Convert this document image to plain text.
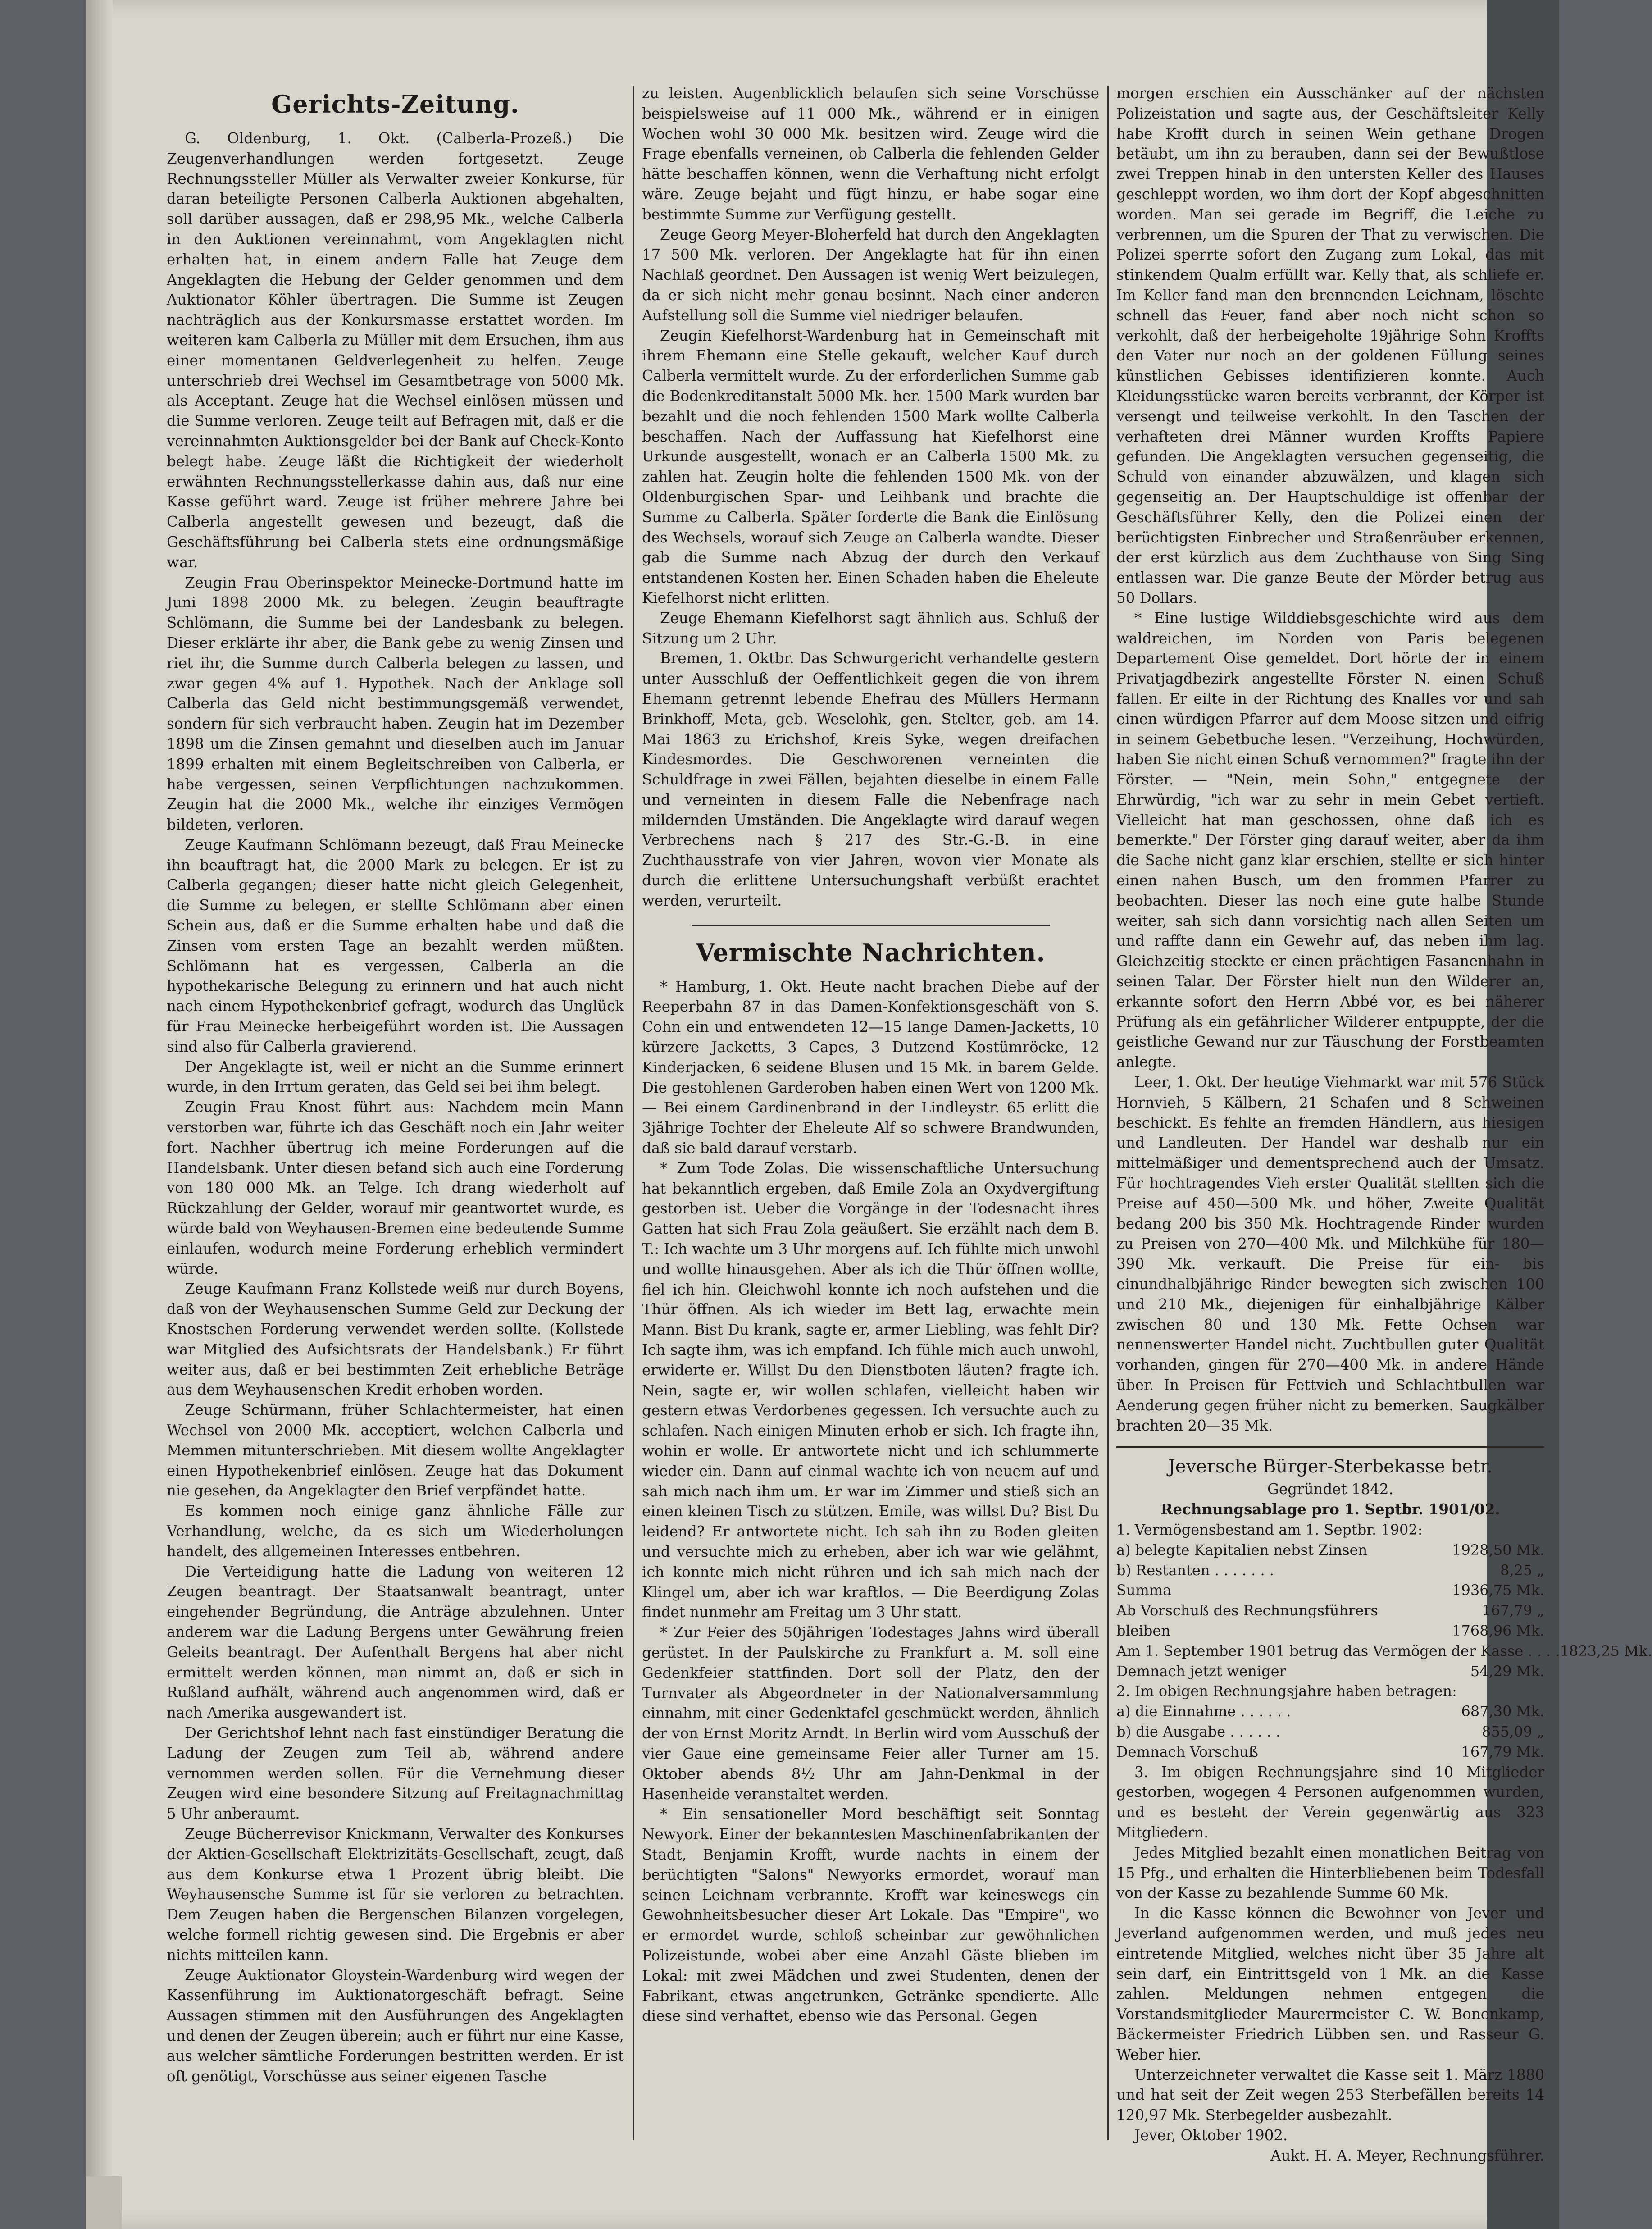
Gerichts-Zeitung.

G. Oldenburg, 1. Okt. (Calberla-Prozeß.) Die Zeugenverhandlungen werden fortgesetzt. Zeuge Rechnungssteller Müller als Verwalter zweier Konkurse, für daran beteiligte Personen Calberla Auktionen abgehalten, soll darüber aussagen, daß er 298,95 Mk., welche Calberla in den Auktionen vereinnahmt, vom Angeklagten nicht erhalten hat, in einem andern Falle hat Zeuge dem Angeklagten die Hebung der Gelder genommen und dem Auktionator Köhler übertragen. Die Summe ist Zeugen nachträglich aus der Konkursmasse erstattet worden. Im weiteren kam Calberla zu Müller mit dem Ersuchen, ihm aus einer momentanen Geldverlegenheit zu helfen. Zeuge unterschrieb drei Wechsel im Gesamtbetrage von 5000 Mk. als Acceptant. Zeuge hat die Wechsel einlösen müssen und die Summe verloren. Zeuge teilt auf Befragen mit, daß er die vereinnahmten Auktionsgelder bei der Bank auf Check-Konto belegt habe. Zeuge läßt die Richtigkeit der wiederholt erwähnten Rechnungsstellerkasse dahin aus, daß nur eine Kasse geführt ward. Zeuge ist früher mehrere Jahre bei Calberla angestellt gewesen und bezeugt, daß die Geschäftsführung bei Calberla stets eine ordnungsmäßige war.

Zeugin Frau Oberinspektor Meinecke-Dortmund hatte im Juni 1898 2000 Mk. zu belegen. Zeugin beauftragte Schlömann, die Summe bei der Landesbank zu belegen. Dieser erklärte ihr aber, die Bank gebe zu wenig Zinsen und riet ihr, die Summe durch Calberla belegen zu lassen, und zwar gegen 4% auf 1. Hypothek. Nach der Anklage soll Calberla das Geld nicht bestimmungsgemäß verwendet, sondern für sich verbraucht haben. Zeugin hat im Dezember 1898 um die Zinsen gemahnt und dieselben auch im Januar 1899 erhalten mit einem Begleitschreiben von Calberla, er habe vergessen, seinen Verpflichtungen nachzukommen. Zeugin hat die 2000 Mk., welche ihr einziges Vermögen bildeten, verloren.

Zeuge Kaufmann Schlömann bezeugt, daß Frau Meinecke ihn beauftragt hat, die 2000 Mark zu belegen. Er ist zu Calberla gegangen; dieser hatte nicht gleich Gelegenheit, die Summe zu belegen, er stellte Schlömann aber einen Schein aus, daß er die Summe erhalten habe und daß die Zinsen vom ersten Tage an bezahlt werden müßten. Schlömann hat es vergessen, Calberla an die hypothekarische Belegung zu erinnern und hat auch nicht nach einem Hypothekenbrief gefragt, wodurch das Unglück für Frau Meinecke herbeigeführt worden ist. Die Aussagen sind also für Calberla gravierend.

Der Angeklagte ist, weil er nicht an die Summe erinnert wurde, in den Irrtum geraten, das Geld sei bei ihm belegt.

Zeugin Frau Knost führt aus: Nachdem mein Mann verstorben war, führte ich das Geschäft noch ein Jahr weiter fort. Nachher übertrug ich meine Forderungen auf die Handelsbank. Unter diesen befand sich auch eine Forderung von 180 000 Mk. an Telge. Ich drang wiederholt auf Rückzahlung der Gelder, worauf mir geantwortet wurde, es würde bald von Weyhausen-Bremen eine bedeutende Summe einlaufen, wodurch meine Forderung erheblich vermindert würde.

Zeuge Kaufmann Franz Kollstede weiß nur durch Boyens, daß von der Weyhausenschen Summe Geld zur Deckung der Knostschen Forderung verwendet werden sollte. (Kollstede war Mitglied des Aufsichtsrats der Handelsbank.) Er führt weiter aus, daß er bei bestimmten Zeit erhebliche Beträge aus dem Weyhausenschen Kredit erhoben worden.

Zeuge Schürmann, früher Schlachtermeister, hat einen Wechsel von 2000 Mk. acceptiert, welchen Calberla und Memmen mitunterschrieben. Mit diesem wollte Angeklagter einen Hypothekenbrief einlösen. Zeuge hat das Dokument nie gesehen, da Angeklagter den Brief verpfändet hatte.

Es kommen noch einige ganz ähnliche Fälle zur Verhandlung, welche, da es sich um Wiederholungen handelt, des allgemeinen Interesses entbehren.

Die Verteidigung hatte die Ladung von weiteren 12 Zeugen beantragt. Der Staatsanwalt beantragt, unter eingehender Begründung, die Anträge abzulehnen. Unter anderem war die Ladung Bergens unter Gewährung freien Geleits beantragt. Der Aufenthalt Bergens hat aber nicht ermittelt werden können, man nimmt an, daß er sich in Rußland aufhält, während auch angenommen wird, daß er nach Amerika ausgewandert ist.

Der Gerichtshof lehnt nach fast einstündiger Beratung die Ladung der Zeugen zum Teil ab, während andere vernommen werden sollen. Für die Vernehmung dieser Zeugen wird eine besondere Sitzung auf Freitagnachmittag 5 Uhr anberaumt.

Zeuge Bücherrevisor Knickmann, Verwalter des Konkurses der Aktien-Gesellschaft Elektrizitäts-Gesellschaft, zeugt, daß aus dem Konkurse etwa 1 Prozent übrig bleibt. Die Weyhausensche Summe ist für sie verloren zu betrachten. Dem Zeugen haben die Bergenschen Bilanzen vorgelegen, welche formell richtig gewesen sind. Die Ergebnis er aber nichts mitteilen kann.

Zeuge Auktionator Gloystein-Wardenburg wird wegen der Kassenführung im Auktionatorgeschäft befragt. Seine Aussagen stimmen mit den Ausführungen des Angeklagten und denen der Zeugen überein; auch er führt nur eine Kasse, aus welcher sämtliche Forderungen bestritten werden. Er ist oft genötigt, Vorschüsse aus seiner eigenen Tasche

zu leisten. Augenblicklich belaufen sich seine Vorschüsse beispielsweise auf 11 000 Mk., während er in einigen Wochen wohl 30 000 Mk. besitzen wird. Zeuge wird die Frage ebenfalls verneinen, ob Calberla die fehlenden Gelder hätte beschaffen können, wenn die Verhaftung nicht erfolgt wäre. Zeuge bejaht und fügt hinzu, er habe sogar eine bestimmte Summe zur Verfügung gestellt.

Zeuge Georg Meyer-Bloherfeld hat durch den Angeklagten 17 500 Mk. verloren. Der Angeklagte hat für ihn einen Nachlaß geordnet. Den Aussagen ist wenig Wert beizulegen, da er sich nicht mehr genau besinnt. Nach einer anderen Aufstellung soll die Summe viel niedriger belaufen.

Zeugin Kiefelhorst-Wardenburg hat in Gemeinschaft mit ihrem Ehemann eine Stelle gekauft, welcher Kauf durch Calberla vermittelt wurde. Zu der erforderlichen Summe gab die Bodenkreditanstalt 5000 Mk. her. 1500 Mark wurden bar bezahlt und die noch fehlenden 1500 Mark wollte Calberla beschaffen. Nach der Auffassung hat Kiefelhorst eine Urkunde ausgestellt, wonach er an Calberla 1500 Mk. zu zahlen hat. Zeugin holte die fehlenden 1500 Mk. von der Oldenburgischen Spar- und Leihbank und brachte die Summe zu Calberla. Später forderte die Bank die Einlösung des Wechsels, worauf sich Zeuge an Calberla wandte. Dieser gab die Summe nach Abzug der durch den Verkauf entstandenen Kosten her. Einen Schaden haben die Eheleute Kiefelhorst nicht erlitten.

Zeuge Ehemann Kiefelhorst sagt ähnlich aus. Schluß der Sitzung um 2 Uhr.

Bremen, 1. Oktbr. Das Schwurgericht verhandelte gestern unter Ausschluß der Oeffentlichkeit gegen die von ihrem Ehemann getrennt lebende Ehefrau des Müllers Hermann Brinkhoff, Meta, geb. Weselohk, gen. Stelter, geb. am 14. Mai 1863 zu Erichshof, Kreis Syke, wegen dreifachen Kindesmordes. Die Geschworenen verneinten die Schuldfrage in zwei Fällen, bejahten dieselbe in einem Falle und verneinten in diesem Falle die Nebenfrage nach mildernden Umständen. Die Angeklagte wird darauf wegen Verbrechens nach § 217 des Str.-G.-B. in eine Zuchthausstrafe von vier Jahren, wovon vier Monate als durch die erlittene Untersuchungshaft verbüßt erachtet werden, verurteilt.

Vermischte Nachrichten.

* Hamburg, 1. Okt. Heute nacht brachen Diebe auf der Reeperbahn 87 in das Damen-Konfektionsgeschäft von S. Cohn ein und entwendeten 12—15 lange Damen-Jacketts, 10 kürzere Jacketts, 3 Capes, 3 Dutzend Kostümröcke, 12 Kinderjacken, 6 seidene Blusen und 15 Mk. in barem Gelde. Die gestohlenen Garderoben haben einen Wert von 1200 Mk. — Bei einem Gardinenbrand in der Lindleystr. 65 erlitt die 3jährige Tochter der Eheleute Alf so schwere Brandwunden, daß sie bald darauf verstarb.

* Zum Tode Zolas. Die wissenschaftliche Untersuchung hat bekanntlich ergeben, daß Emile Zola an Oxydvergiftung gestorben ist. Ueber die Vorgänge in der Todesnacht ihres Gatten hat sich Frau Zola geäußert. Sie erzählt nach dem B. T.: Ich wachte um 3 Uhr morgens auf. Ich fühlte mich unwohl und wollte hinausgehen. Aber als ich die Thür öffnen wollte, fiel ich hin. Gleichwohl konnte ich noch aufstehen und die Thür öffnen. Als ich wieder im Bett lag, erwachte mein Mann. Bist Du krank, sagte er, armer Liebling, was fehlt Dir? Ich sagte ihm, was ich empfand. Ich fühle mich auch unwohl, erwiderte er. Willst Du den Dienstboten läuten? fragte ich. Nein, sagte er, wir wollen schlafen, vielleicht haben wir gestern etwas Verdorbenes gegessen. Ich versuchte auch zu schlafen. Nach einigen Minuten erhob er sich. Ich fragte ihn, wohin er wolle. Er antwortete nicht und ich schlummerte wieder ein. Dann auf einmal wachte ich von neuem auf und sah mich nach ihm um. Er war im Zimmer und stieß sich an einen kleinen Tisch zu stützen. Emile, was willst Du? Bist Du leidend? Er antwortete nicht. Ich sah ihn zu Boden gleiten und versuchte mich zu erheben, aber ich war wie gelähmt, ich konnte mich nicht rühren und ich sah mich nach der Klingel um, aber ich war kraftlos. — Die Beerdigung Zolas findet nunmehr am Freitag um 3 Uhr statt.

* Zur Feier des 50jährigen Todestages Jahns wird überall gerüstet. In der Paulskirche zu Frankfurt a. M. soll eine Gedenkfeier stattfinden. Dort soll der Platz, den der Turnvater als Abgeordneter in der Nationalversammlung einnahm, mit einer Gedenktafel geschmückt werden, ähnlich der von Ernst Moritz Arndt. In Berlin wird vom Ausschuß der vier Gaue eine gemeinsame Feier aller Turner am 15. Oktober abends 8½ Uhr am Jahn-Denkmal in der Hasenheide veranstaltet werden.

* Ein sensationeller Mord beschäftigt seit Sonntag Newyork. Einer der bekanntesten Maschinenfabrikanten der Stadt, Benjamin Krofft, wurde nachts in einem der berüchtigten "Salons" Newyorks ermordet, worauf man seinen Leichnam verbrannte. Krofft war keineswegs ein Gewohnheitsbesucher dieser Art Lokale. Das "Empire", wo er ermordet wurde, schloß scheinbar zur gewöhnlichen Polizeistunde, wobei aber eine Anzahl Gäste blieben im Lokal: mit zwei Mädchen und zwei Studenten, denen der Fabrikant, etwas angetrunken, Getränke spendierte. Alle diese sind verhaftet, ebenso wie das Personal. Gegen

morgen erschien ein Ausschänker auf der nächsten Polizeistation und sagte aus, der Geschäftsleiter Kelly habe Krofft durch in seinen Wein gethane Drogen betäubt, um ihn zu berauben, dann sei der Bewußtlose zwei Treppen hinab in den untersten Keller des Hauses geschleppt worden, wo ihm dort der Kopf abgeschnitten worden. Man sei gerade im Begriff, die Leiche zu verbrennen, um die Spuren der That zu verwischen. Die Polizei sperrte sofort den Zugang zum Lokal, das mit stinkendem Qualm erfüllt war. Kelly that, als schliefe er. Im Keller fand man den brennenden Leichnam, löschte schnell das Feuer, fand aber noch nicht schon so verkohlt, daß der herbeigeholte 19jährige Sohn Kroffts den Vater nur noch an der goldenen Füllung seines künstlichen Gebisses identifizieren konnte. Auch Kleidungsstücke waren bereits verbrannt, der Körper ist versengt und teilweise verkohlt. In den Taschen der verhafteten drei Männer wurden Kroffts Papiere gefunden. Die Angeklagten versuchen gegenseitig, die Schuld von einander abzuwälzen, und klagen sich gegenseitig an. Der Hauptschuldige ist offenbar der Geschäftsführer Kelly, den die Polizei einen der berüchtigsten Einbrecher und Straßenräuber erkennen, der erst kürzlich aus dem Zuchthause von Sing Sing entlassen war. Die ganze Beute der Mörder betrug aus 50 Dollars.

* Eine lustige Wilddiebsgeschichte wird aus dem waldreichen, im Norden von Paris belegenen Departement Oise gemeldet. Dort hörte der in einem Privatjagdbezirk angestellte Förster N. einen Schuß fallen. Er eilte in der Richtung des Knalles vor und sah einen würdigen Pfarrer auf dem Moose sitzen und eifrig in seinem Gebetbuche lesen. "Verzeihung, Hochwürden, haben Sie nicht einen Schuß vernommen?" fragte ihn der Förster. — "Nein, mein Sohn," entgegnete der Ehrwürdig, "ich war zu sehr in mein Gebet vertieft. Vielleicht hat man geschossen, ohne daß ich es bemerkte." Der Förster ging darauf weiter, aber da ihm die Sache nicht ganz klar erschien, stellte er sich hinter einen nahen Busch, um den frommen Pfarrer zu beobachten. Dieser las noch eine gute halbe Stunde weiter, sah sich dann vorsichtig nach allen Seiten um und raffte dann ein Gewehr auf, das neben ihm lag. Gleichzeitig steckte er einen prächtigen Fasanenhahn in seinen Talar. Der Förster hielt nun den Wilderer an, erkannte sofort den Herrn Abbé vor, es bei näherer Prüfung als ein gefährlicher Wilderer entpuppte, der die geistliche Gewand nur zur Täuschung der Forstbeamten anlegte.

Leer, 1. Okt. Der heutige Viehmarkt war mit 576 Stück Hornvieh, 5 Kälbern, 21 Schafen und 8 Schweinen beschickt. Es fehlte an fremden Händlern, aus hiesigen und Landleuten. Der Handel war deshalb nur ein mittelmäßiger und dementsprechend auch der Umsatz. Für hochtragendes Vieh erster Qualität stellten sich die Preise auf 450—500 Mk. und höher, Zweite Qualität bedang 200 bis 350 Mk. Hochtragende Rinder wurden zu Preisen von 270—400 Mk. und Milchkühe für 180—390 Mk. verkauft. Die Preise für ein- bis einundhalbjährige Rinder bewegten sich zwischen 100 und 210 Mk., diejenigen für einhalbjährige Kälber zwischen 80 und 130 Mk. Fette Ochsen war nennenswerter Handel nicht. Zuchtbullen guter Qualität vorhanden, gingen für 270—400 Mk. in andere Hände über. In Preisen für Fettvieh und Schlachtbullen war Aenderung gegen früher nicht zu bemerken. Saugkälber brachten 20—35 Mk.

Jeversche Bürger-Sterbekasse betr.

Gegründet 1842.

Rechnungsablage pro 1. Septbr. 1901/02.

1. Vermögensbestand am 1. Septbr. 1902:
a) belegte Kapitalien nebst Zinsen	1928,50 Mk.
b) Restanten . . . . . . .	8,25 „
Summa	1936,75 Mk.
Ab Vorschuß des Rechnungsführers	167,79 „
bleiben	1768,96 Mk.
Am 1. September 1901 betrug das Vermögen der Kasse . . . . 1823,25 Mk.
Demnach jetzt weniger	54,29 Mk.
2. Im obigen Rechnungsjahre haben betragen:
a) die Einnahme . . . . . .	687,30 Mk.
b) die Ausgabe . . . . . .	855,09 „
Demnach Vorschuß	167,79 Mk.

3. Im obigen Rechnungsjahre sind 10 Mitglieder gestorben, wogegen 4 Personen aufgenommen wurden, und es besteht der Verein gegenwärtig aus 323 Mitgliedern.

Jedes Mitglied bezahlt einen monatlichen Beitrag von 15 Pfg., und erhalten die Hinterbliebenen beim Todesfall von der Kasse zu bezahlende Summe 60 Mk.

In die Kasse können die Bewohner von Jever und Jeverland aufgenommen werden, und muß jedes neu eintretende Mitglied, welches nicht über 35 Jahre alt sein darf, ein Eintrittsgeld von 1 Mk. an die Kasse zahlen. Meldungen nehmen entgegen die Vorstandsmitglieder Maurermeister C. W. Bonenkamp, Bäckermeister Friedrich Lübben sen. und Rasseur G. Weber hier.

Unterzeichneter verwaltet die Kasse seit 1. März 1880 und hat seit der Zeit wegen 253 Sterbefällen bereits 14 120,97 Mk. Sterbegelder ausbezahlt.

Jever, Oktober 1902.

Aukt. H. A. Meyer, Rechnungsführer.
